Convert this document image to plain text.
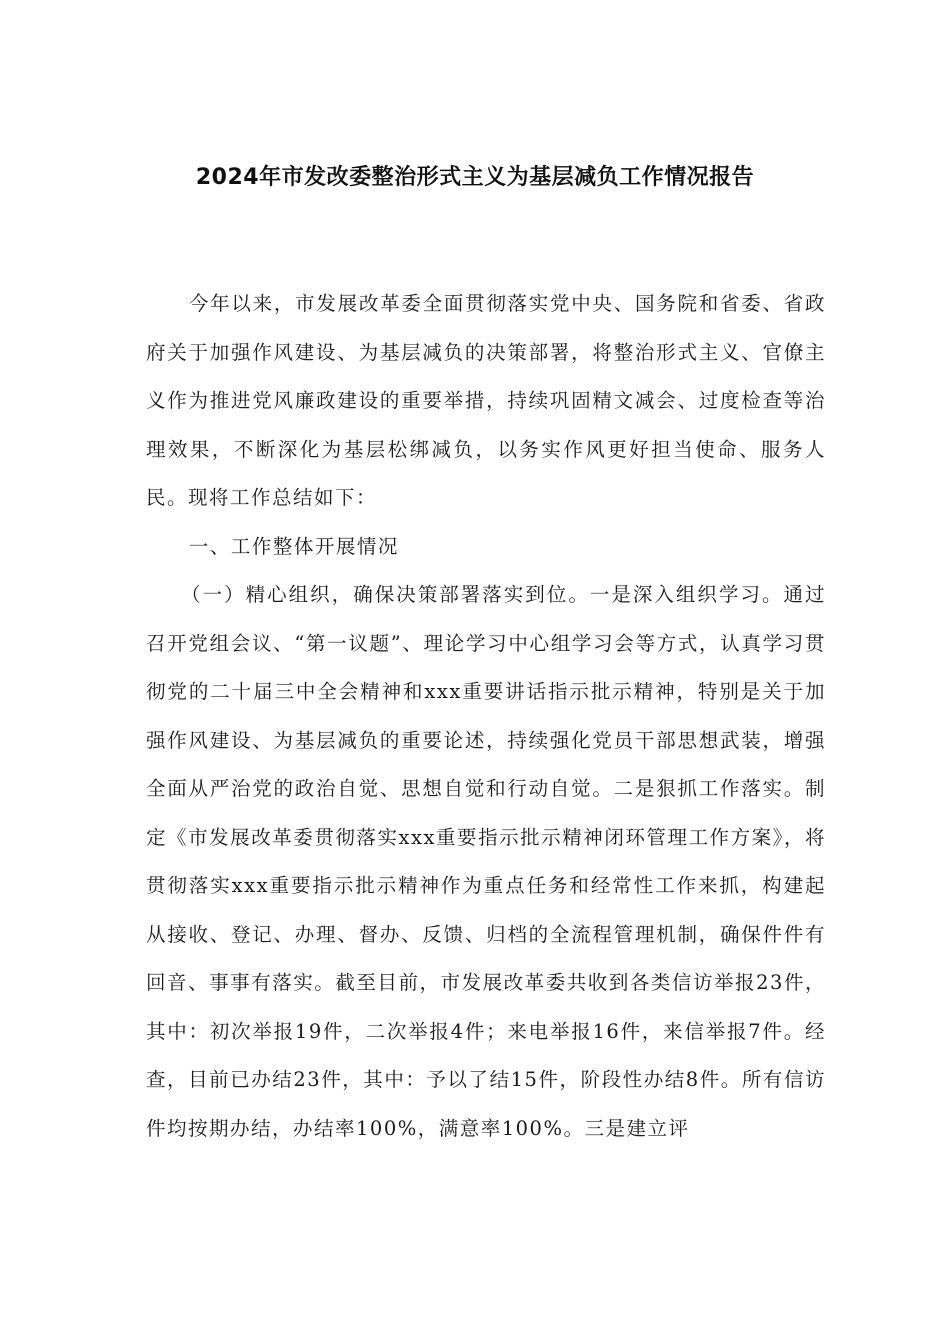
2024年市发改委整治形式主义为基层减负工作情况报告

今年以来，市发展改革委全面贯彻落实党中央、国务院和省委、省政府关于加强作风建设、为基层减负的决策部署，将整治形式主义、官僚主义作为推进党风廉政建设的重要举措，持续巩固精文减会、过度检查等治理效果，不断深化为基层松绑减负，以务实作风更好担当使命、服务人民。现将工作总结如下：

一、工作整体开展情况

（一）精心组织，确保决策部署落实到位。一是深入组织学习。通过召开党组会议、“第一议题”、理论学习中心组学习会等方式，认真学习贯彻党的二十届三中全会精神和xxx重要讲话指示批示精神，特别是关于加强作风建设、为基层减负的重要论述，持续强化党员干部思想武装，增强全面从严治党的政治自觉、思想自觉和行动自觉。二是狠抓工作落实。制定《市发展改革委贯彻落实xxx重要指示批示精神闭环管理工作方案》，将贯彻落实xxx重要指示批示精神作为重点任务和经常性工作来抓，构建起从接收、登记、办理、督办、反馈、归档的全流程管理机制，确保件件有回音、事事有落实。截至目前，市发展改革委共收到各类信访举报23件，其中：初次举报19件，二次举报4件；来电举报16件，来信举报7件。经查，目前已办结23件，其中：予以了结15件，阶段性办结8件。所有信访件均按期办结，办结率100%，满意率100%。三是建立评
